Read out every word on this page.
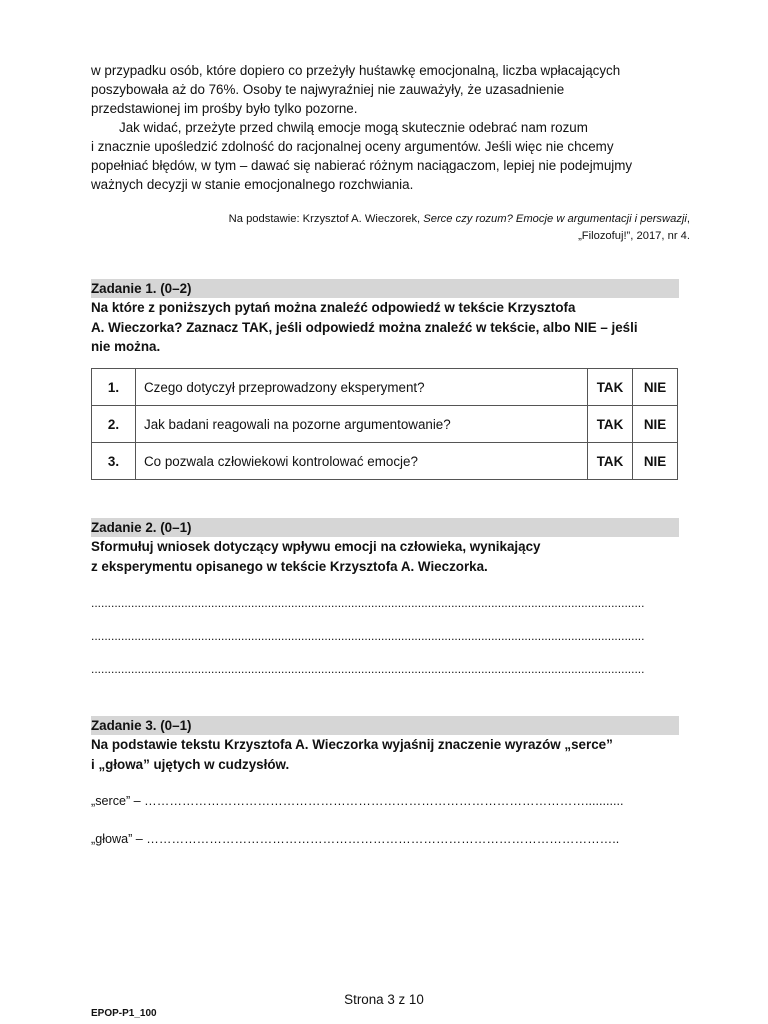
w przypadku osób, które dopiero co przeżyły huśtawkę emocjonalną, liczba wpłacających
poszybowała aż do 76%. Osoby te najwyraźniej nie zauważyły, że uzasadnienie
przedstawionej im prośby było tylko pozorne.
Jak widać, przeżyte przed chwilą emocje mogą skutecznie odebrać nam rozum
i znacznie upośledzić zdolność do racjonalnej oceny argumentów. Jeśli więc nie chcemy
popełniać błędów, w tym – dawać się nabierać różnym naciągaczom, lepiej nie podejmujmy
ważnych decyzji w stanie emocjonalnego rozchwiania.
Na podstawie: Krzysztof A. Wieczorek, Serce czy rozum? Emocje w argumentacji i perswazji,
„Filozofuj!”, 2017, nr 4.
Zadanie 1. (0–2)
Na które z poniższych pytań można znaleźć odpowiedź w tekście Krzysztofa
A. Wieczorka? Zaznacz TAK, jeśli odpowiedź można znaleźć w tekście, albo NIE – jeśli
nie można.
1.	Czego dotyczył przeprowadzony eksperyment?	TAK	NIE
2.	Jak badani reagowali na pozorne argumentowanie?	TAK	NIE
3.	Co pozwala człowiekowi kontrolować emocje?	TAK	NIE
Zadanie 2. (0–1)
Sformułuj wniosek dotyczący wpływu emocji na człowieka, wynikający
z eksperymentu opisanego w tekście Krzysztofa A. Wieczorka.
......................................................................................................................................................................
......................................................................................................................................................................
......................................................................................................................................................................
Zadanie 3. (0–1)
Na podstawie tekstu Krzysztofa A. Wieczorka wyjaśnij znaczenie wyrazów „serce”
i „głowa” ujętych w cudzysłów.
„serce” – ……………………………………………………………………………………………...........
„głowa” – …………………………………………………………………………………………………..
Strona 3 z 10
EPOP-P1_100
